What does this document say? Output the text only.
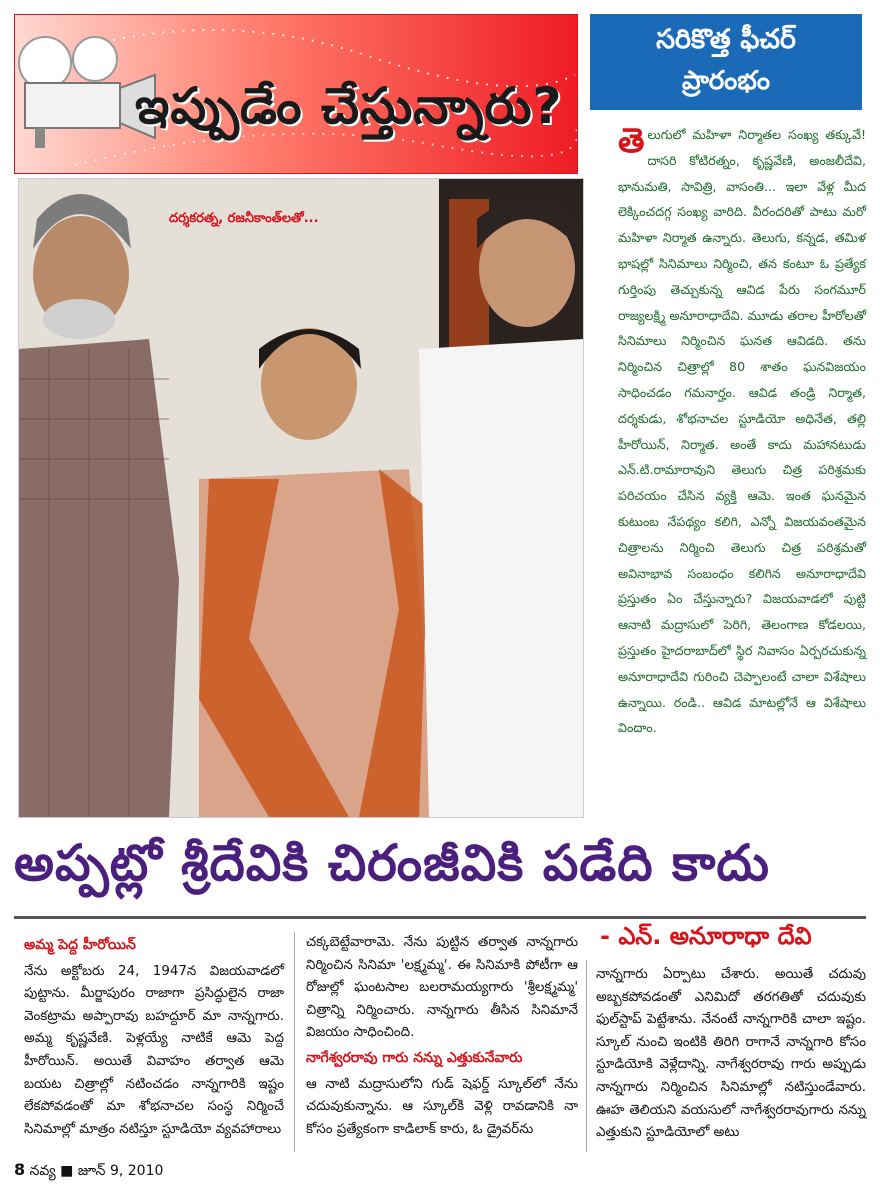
ఇప్పుడేం చేస్తున్నారు?
సరికొత్త ఫీచర్
ప్రారంభం
దర్శకరత్న, రజనీకాంత్‌లతో...
తెలుగులో మహిళా నిర్మాతల సంఖ్య తక్కువే! దాసరి కోటిరత్నం, కృష్ణవేణి, అంజలీదేవి, భానుమతి, సావిత్రి, వాసంతి... ఇలా వేళ్ల మీద లెక్కించదగ్గ సంఖ్య వారిది. వీరందరితో పాటు మరో మహిళా నిర్మాత ఉన్నారు. తెలుగు, కన్నడ, తమిళ భాషల్లో సినిమాలు నిర్మించి, తన కంటూ ఓ ప్రత్యేక గుర్తింపు తెచ్చుకున్న ఆవిడ పేరు సంగమూర్ రాజ్యలక్ష్మి అనూరాధాదేవి. మూడు తరాల హీరోలతో సినిమాలు నిర్మించిన ఘనత ఆవిడది. తను నిర్మించిన చిత్రాల్లో 80 శాతం ఘనవిజయం సాధించడం గమనార్హం. ఆవిడ తండ్రి నిర్మాత, దర్శకుడు, శోభనాచల స్టూడియో అధినేత, తల్లి హీరోయిన్, నిర్మాత. అంతే కాదు మహానటుడు ఎన్.టి.రామారావుని తెలుగు చిత్ర పరిశ్రమకు పరిచయం చేసిన వ్యక్తి ఆమె. ఇంత ఘనమైన కుటుంబ నేపథ్యం కలిగి, ఎన్నో విజయవంతమైన చిత్రాలను నిర్మించి తెలుగు చిత్ర పరిశ్రమతో అవినాభావ సంబంధం కలిగిన అనూరాధాదేవి ప్రస్తుతం ఏం చేస్తున్నారు? విజయవాడలో పుట్టి ఆనాటి మద్రాసులో పెరిగి, తెలంగాణ కోడలయి, ప్రస్తుతం హైదరాబాద్‌లో స్థిర నివాసం ఏర్పరచుకున్న అనూరాధాదేవి గురించి చెప్పాలంటే చాలా విశేషాలు ఉన్నాయి. రండి.. ఆవిడ మాటల్లోనే ఆ విశేషాలు విందాం.
అప్పట్లో శ్రీదేవికి చిరంజీవికి పడేది కాదు
- ఎన్. అనూరాధా దేవి
అమ్మ పెద్ద హీరోయిన్
నేను అక్టోబరు 24, 1947న విజయవాడలో పుట్టాను. మీర్జాపురం రాజాగా ప్రసిద్ధులైన రాజా వెంకట్రామ అప్పారావు బహద్దూర్ మా నాన్నగారు. అమ్మ కృష్ణవేణి. పెళ్లయ్యే నాటికే ఆమె పెద్ద హీరోయిన్. అయితే వివాహం తర్వాత ఆమె బయట చిత్రాల్లో నటించడం నాన్నగారికి ఇష్టం లేకపోవడంతో మా శోభనాచల సంస్థ నిర్మించే సినిమాల్లో మాత్రం నటిస్తూ స్టూడియో వ్యవహారాలు
చక్కబెట్టేవారామె. నేను పుట్టిన తర్వాత నాన్నగారు నిర్మించిన సినిమా 'లక్ష్మమ్మ'. ఈ సినిమాకి పోటీగా ఆ రోజుల్లో ఘంటసాల బలరామయ్యగారు 'శ్రీలక్ష్మమ్మ' చిత్రాన్ని నిర్మించారు. నాన్నగారు తీసిన సినిమానే విజయం సాధించింది.
నాగేశ్వరరావు గారు నన్ను ఎత్తుకునేవారు
ఆ నాటి మద్రాసులోని గుడ్ షెఫర్డ్ స్కూల్‌లో నేను చదువుకున్నాను. ఆ స్కూల్‌కి వెళ్లి రావడానికి నా కోసం ప్రత్యేకంగా కాడిలాక్ కారు, ఓ డ్రైవర్‌ను
నాన్నగారు ఏర్పాటు చేశారు. అయితే చదువు అబ్బకపోవడంతో ఎనిమిదో తరగతితో చదువుకు ఫుల్‌స్టాప్ పెట్టేశాను. నేనంటే నాన్నగారికి చాలా ఇష్టం. స్కూల్ నుంచి ఇంటికి తిరిగి రాగానే నాన్నగారి కోసం స్టూడియోకి వెళ్లేదాన్ని. నాగేశ్వరరావు గారు అప్పుడు నాన్నగారు నిర్మించిన సినిమాల్లో నటిస్తుండేవారు. ఊహ తెలియని వయసులో నాగేశ్వరరావుగారు నన్ను ఎత్తుకుని స్టూడియోలో అటు
8 నవ్య ■ జూన్ 9, 2010
